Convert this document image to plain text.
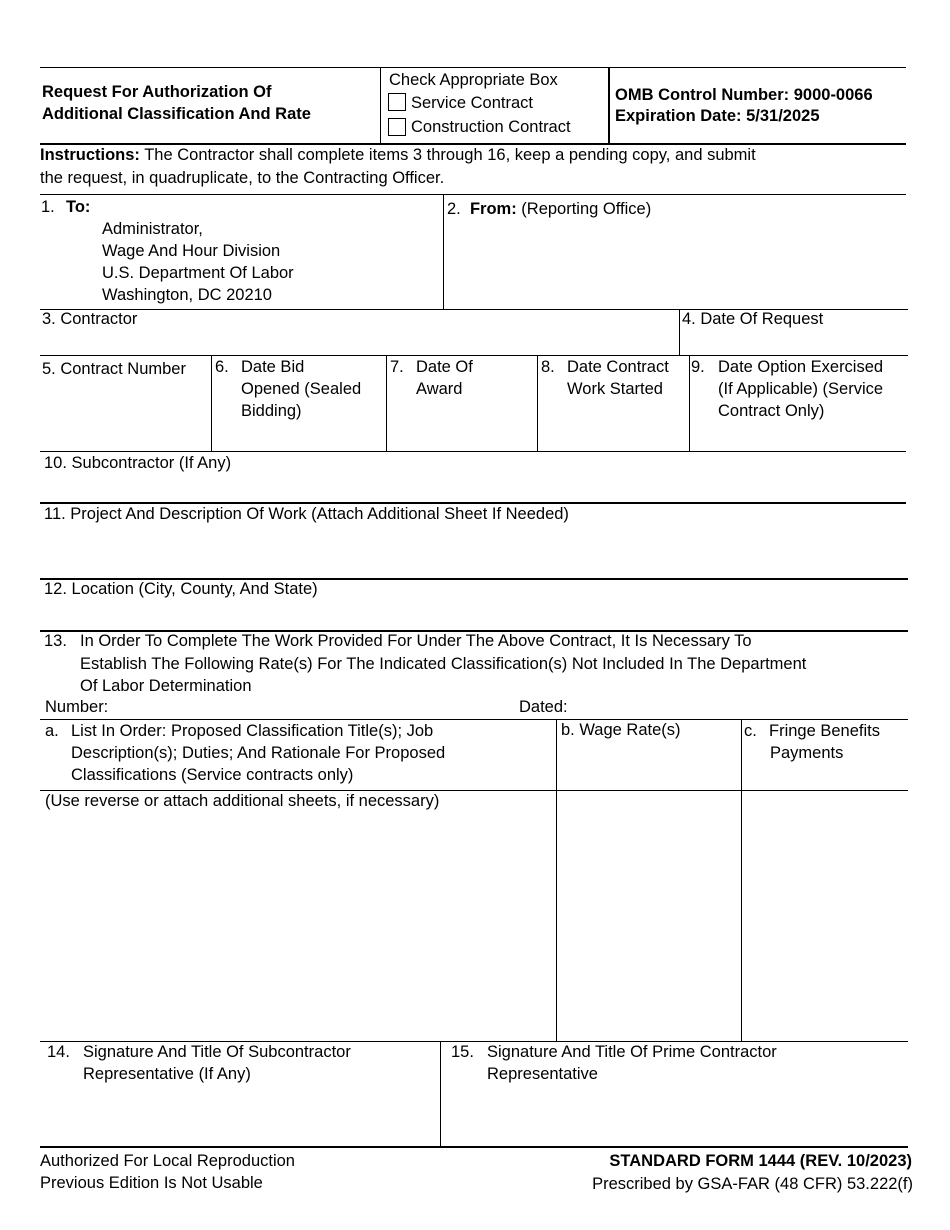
Request For Authorization Of
Additional Classification And Rate
Check Appropriate Box
Service Contract
Construction Contract
OMB Control Number: 9000-0066
Expiration Date: 5/31/2025
Instructions: The Contractor shall complete items 3 through 16, keep a pending copy, and submit
the request, in quadruplicate, to the Contracting Officer.
1. To:
Administrator,
Wage And Hour Division
U.S. Department Of Labor
Washington, DC 20210
2. From: (Reporting Office)
3. Contractor	4. Date Of Request
5. Contract Number 6. Date Bid
Opened (Sealed
Bidding)
7. Date Of
Award
8. Date Contract
Work Started
9. Date Option Exercised
(If Applicable) (Service
Contract Only)
10. Subcontractor (If Any)
11. Project And Description Of Work (Attach Additional Sheet If Needed)
12. Location (City, County, And State)
13. In Order To Complete The Work Provided For Under The Above Contract, It Is Necessary To
Establish The Following Rate(s) For The Indicated Classification(s) Not Included In The Department
Of Labor Determination
Number:	Dated:
a. List In Order: Proposed Classification Title(s); Job
Description(s); Duties; And Rationale For Proposed
Classifications (Service contracts only)
b. Wage Rate(s)	c. Fringe Benefits
Payments
(Use reverse or attach additional sheets, if necessary)
14. Signature And Title Of Subcontractor
Representative (If Any)
15. Signature And Title Of Prime Contractor
Representative
Authorized For Local Reproduction
Previous Edition Is Not Usable
STANDARD FORM 1444 (REV. 10/2023)
Prescribed by GSA-FAR (48 CFR) 53.222(f)
